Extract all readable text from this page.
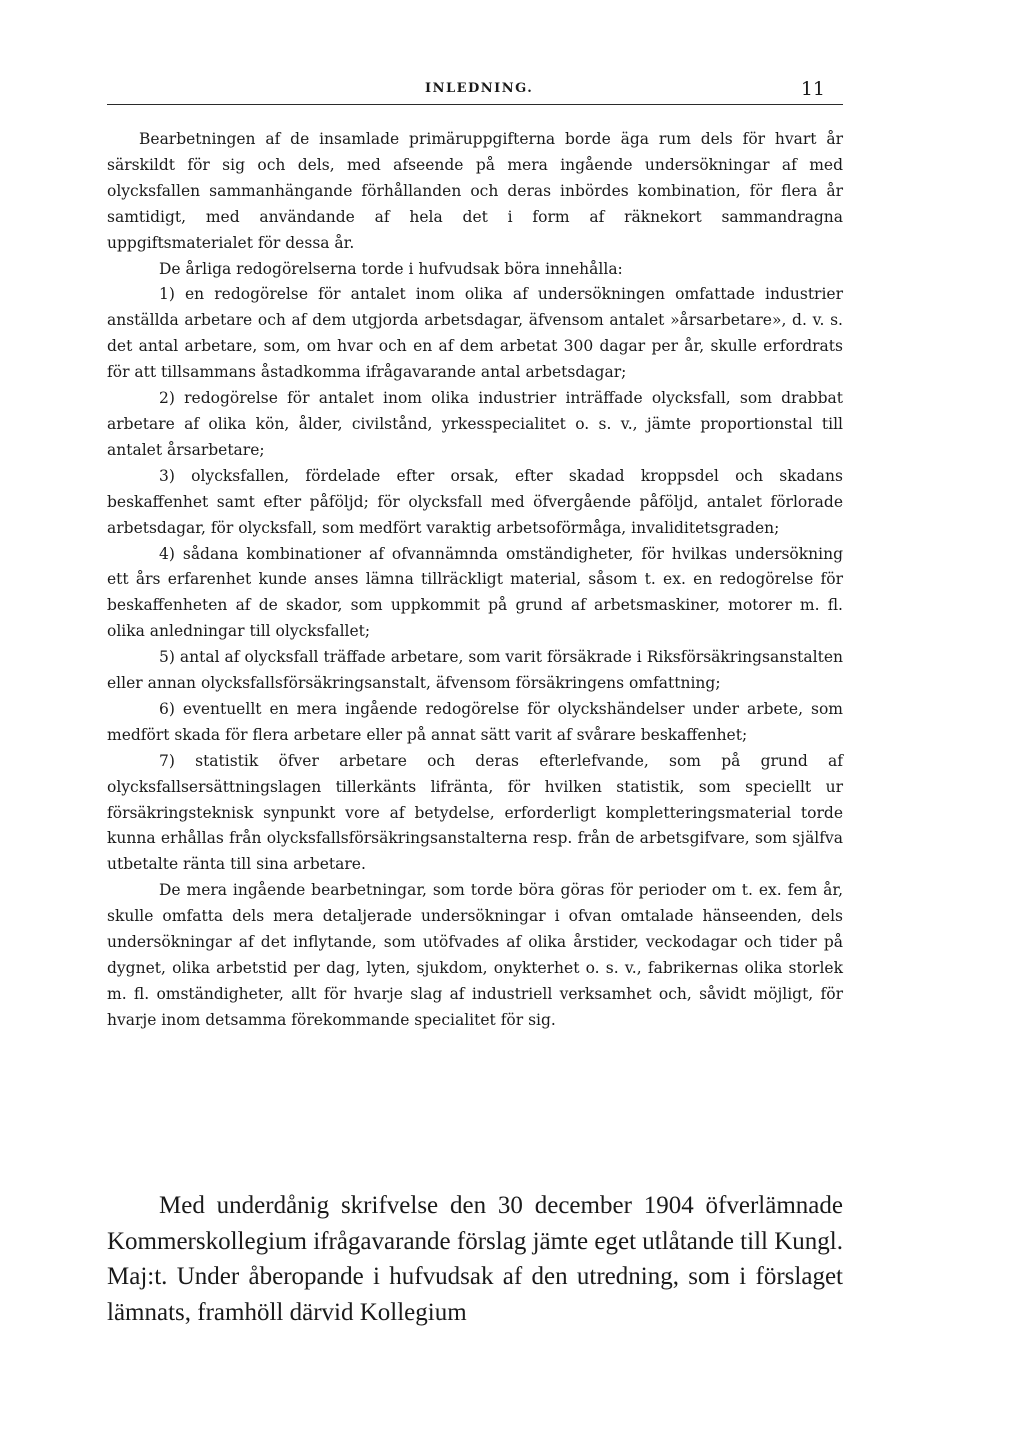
INLEDNING.	11

Bearbetningen af de insamlade primäruppgifterna borde äga rum dels för hvart år särskildt för sig och dels, med afseende på mera ingående undersökningar af med olycksfallen sammanhängande förhållanden och deras inbördes kombination, för flera år samtidigt, med användande af hela det i form af räknekort sammandragna uppgiftsmaterialet för dessa år.

De årliga redogörelserna torde i hufvudsak böra innehålla:

1) en redogörelse för antalet inom olika af undersökningen omfattade industrier anställda arbetare och af dem utgjorda arbetsdagar, äfvensom antalet »årsarbetare», d. v. s. det antal arbetare, som, om hvar och en af dem arbetat 300 dagar per år, skulle erfordrats för att tillsammans åstadkomma ifrågavarande antal arbetsdagar;

2) redogörelse för antalet inom olika industrier inträffade olycksfall, som drabbat arbetare af olika kön, ålder, civilstånd, yrkesspecialitet o. s. v., jämte proportionstal till antalet årsarbetare;

3) olycksfallen, fördelade efter orsak, efter skadad kroppsdel och skadans beskaffenhet samt efter påföljd; för olycksfall med öfvergående påföljd, antalet förlorade arbetsdagar, för olycksfall, som medfört varaktig arbetsoförmåga, invaliditetsgraden;

4) sådana kombinationer af ofvannämnda omständigheter, för hvilkas undersökning ett års erfarenhet kunde anses lämna tillräckligt material, såsom t. ex. en redogörelse för beskaffenheten af de skador, som uppkommit på grund af arbetsmaskiner, motorer m. fl. olika anledningar till olycksfallet;

5) antal af olycksfall träffade arbetare, som varit försäkrade i Riksförsäkringsanstalten eller annan olycksfallsförsäkringsanstalt, äfvensom försäkringens omfattning;

6) eventuellt en mera ingående redogörelse för olyckshändelser under arbete, som medfört skada för flera arbetare eller på annat sätt varit af svårare beskaffenhet;

7) statistik öfver arbetare och deras efterlefvande, som på grund af olycksfallsersättningslagen tillerkänts lifränta, för hvilken statistik, som speciellt ur försäkringsteknisk synpunkt vore af betydelse, erforderligt kompletteringsmaterial torde kunna erhållas från olycksfallsförsäkringsanstalterna resp. från de arbetsgifvare, som själfva utbetalte ränta till sina arbetare.

De mera ingående bearbetningar, som torde böra göras för perioder om t. ex. fem år, skulle omfatta dels mera detaljerade undersökningar i ofvan omtalade hänseenden, dels undersökningar af det inflytande, som utöfvades af olika årstider, veckodagar och tider på dygnet, olika arbetstid per dag, lyten, sjukdom, onykterhet o. s. v., fabrikernas olika storlek m. fl. omständigheter, allt för hvarje slag af industriell verksamhet och, såvidt möjligt, för hvarje inom detsamma förekommande specialitet för sig.

Med underdånig skrifvelse den 30 december 1904 öfverlämnade Kommerskollegium ifrågavarande förslag jämte eget utlåtande till Kungl. Maj:t. Under åberopande i hufvudsak af den utredning, som i förslaget lämnats, framhöll därvid Kollegium
